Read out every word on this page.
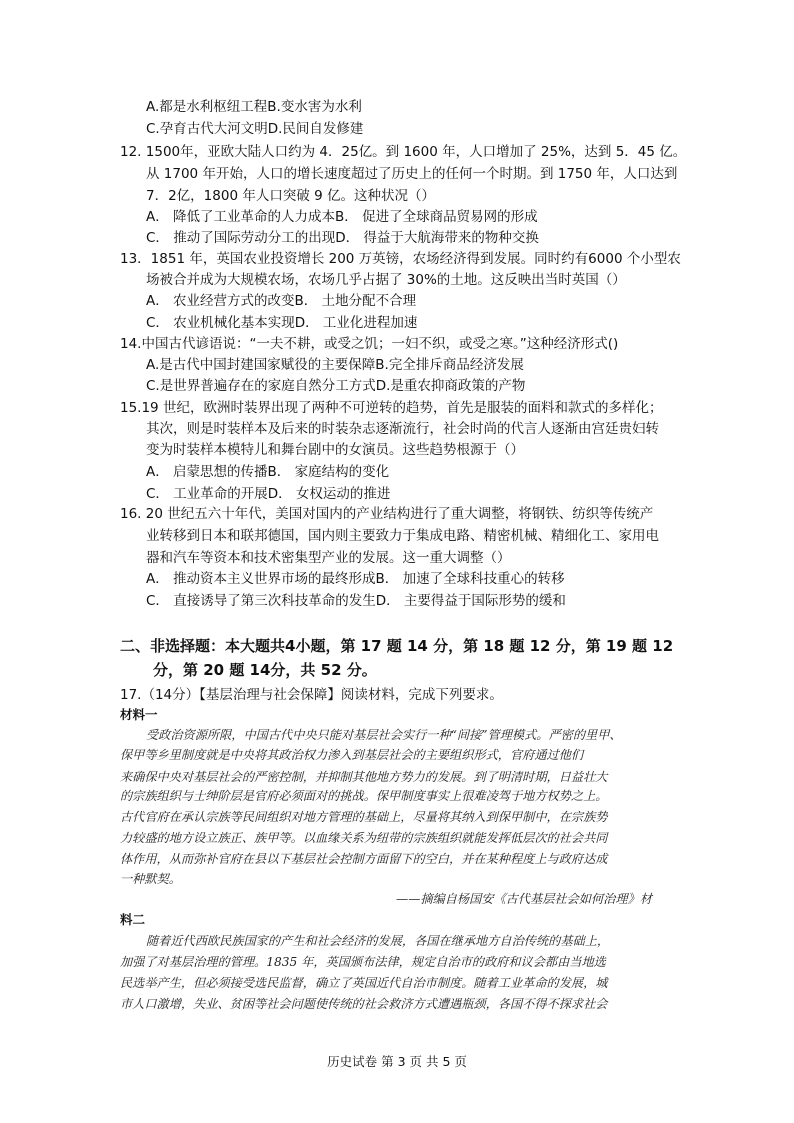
A.都是水利枢纽工程B.变水害为水利
C.孕育古代大河文明D.民间自发修建
12. 1500年，亚欧大陆人口约为 4．25亿。到 1600 年，人口增加了 25%，达到 5．45 亿。
从 1700 年开始，人口的增长速度超过了历史上的任何一个时期。到 1750 年，人口达到
7．2亿，1800 年人口突破 9 亿。这种状况（）
A． 降低了工业革命的人力成本B． 促进了全球商品贸易网的形成
C． 推动了国际劳动分工的出现D． 得益于大航海带来的物种交换
13．1851 年，英国农业投资增长 200 万英镑，农场经济得到发展。同时约有6000 个小型农
场被合并成为大规模农场，农场几乎占据了 30%的土地。这反映出当时英国（）
A． 农业经营方式的改变B． 土地分配不合理
C． 农业机械化基本实现D． 工业化进程加速
14.中国古代谚语说：“一夫不耕，或受之饥；一妇不织，或受之寒。”这种经济形式()
A.是古代中国封建国家赋役的主要保障B.完全排斥商品经济发展
C.是世界普遍存在的家庭自然分工方式D.是重农抑商政策的产物
15.19 世纪，欧洲时装界出现了两种不可逆转的趋势，首先是服装的面料和款式的多样化；
其次，则是时装样本及后来的时装杂志逐渐流行，社会时尚的代言人逐渐由宫廷贵妇转
变为时装样本模特儿和舞台剧中的女演员。这些趋势根源于（）
A． 启蒙思想的传播B． 家庭结构的变化
C． 工业革命的开展D． 女权运动的推进
16. 20 世纪五六十年代，美国对国内的产业结构进行了重大调整，将钢铁、纺织等传统产
业转移到日本和联邦德国，国内则主要致力于集成电路、精密机械、精细化工、家用电
器和汽车等资本和技术密集型产业的发展。这一重大调整（）
A． 推动资本主义世界市场的最终形成B． 加速了全球科技重心的转移
C． 直接诱导了第三次科技革命的发生D． 主要得益于国际形势的缓和
二、非选择题：本大题共4小题，第 17 题 14 分，第 18 题 12 分，第 19 题 12
分，第 20 题 14分，共 52 分。
17.（14分）【基层治理与社会保障】阅读材料，完成下列要求。
材料一
受政治资源所限，中国古代中央只能对基层社会实行一种“间接”管理模式。严密的里甲、
保甲等乡里制度就是中央将其政治权力渗入到基层社会的主要组织形式，官府通过他们
来确保中央对基层社会的严密控制，并抑制其他地方势力的发展。到了明清时期，日益壮大
的宗族组织与士绅阶层是官府必须面对的挑战。保甲制度事实上很难凌驾于地方权势之上。
古代官府在承认宗族等民间组织对地方管理的基础上，尽量将其纳入到保甲制中，在宗族势
力较盛的地方设立族正、族甲等。以血缘关系为纽带的宗族组织就能发挥低层次的社会共同
体作用，从而弥补官府在县以下基层社会控制方面留下的空白，并在某种程度上与政府达成
一种默契。
——摘编自杨国安《古代基层社会如何治理》材
料二
随着近代西欧民族国家的产生和社会经济的发展，各国在继承地方自治传统的基础上，
加强了对基层治理的管理。1835 年，英国颁布法律，规定自治市的政府和议会都由当地选
民选举产生，但必须接受选民监督，确立了英国近代自治市制度。随着工业革命的发展，城
市人口激增，失业、贫困等社会问题使传统的社会救济方式遭遇瓶颈，各国不得不探求社会
历史试卷 第 3 页 共 5 页
